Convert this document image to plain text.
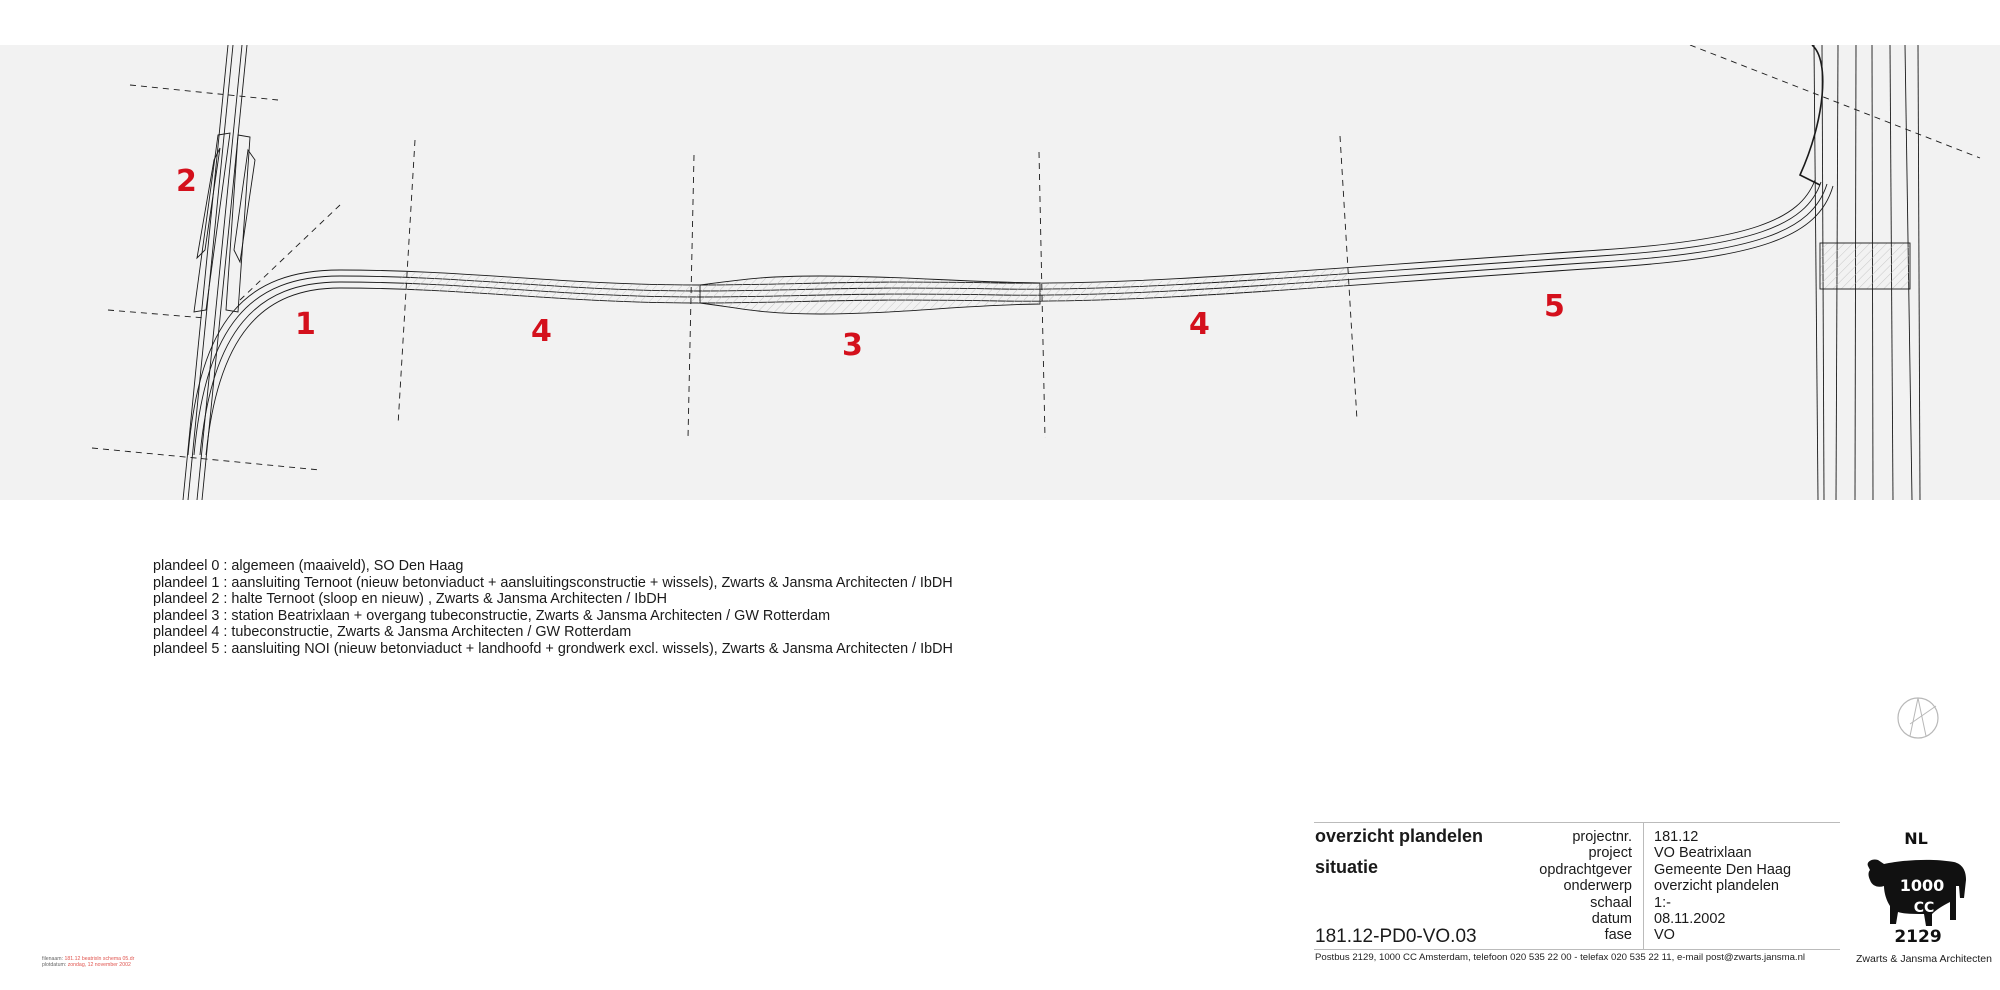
2
1	4	3
4
5
plandeel 0 : algemeen (maaiveld), SO Den Haag
plandeel 1 : aansluiting Ternoot (nieuw betonviaduct + aansluitingsconstructie + wissels), Zwarts & Jansma Architecten / IbDH
plandeel 2 : halte Ternoot (sloop en nieuw) , Zwarts & Jansma Architecten / IbDH
plandeel 3 : station Beatrixlaan + overgang tubeconstructie, Zwarts & Jansma Architecten / GW Rotterdam
plandeel 4 : tubeconstructie, Zwarts & Jansma Architecten / GW Rotterdam
plandeel 5 : aansluiting NOI (nieuw betonviaduct + landhoofd + grondwerk excl. wissels), Zwarts & Jansma Architecten / IbDH
overzicht plandelen
situatie
181.12-PD0-VO.03
projectnr.
project
opdrachtgever
onderwerp
schaal
datum
fase
181.12
VO Beatrixlaan
Gemeente Den Haag
overzicht plandelen
1:-
08.11.2002
VO
Postbus 2129, 1000 CC Amsterdam, telefoon 020 535 22 00 - telefax 020 535 22 11, e-mail post@zwarts.jansma.nl
NL
1000
CC
2129
Zwarts & Jansma Architecten
filenaam: 181.12 beatrixln schema 05.dr
plotdatum: zondag, 12 november 2002
